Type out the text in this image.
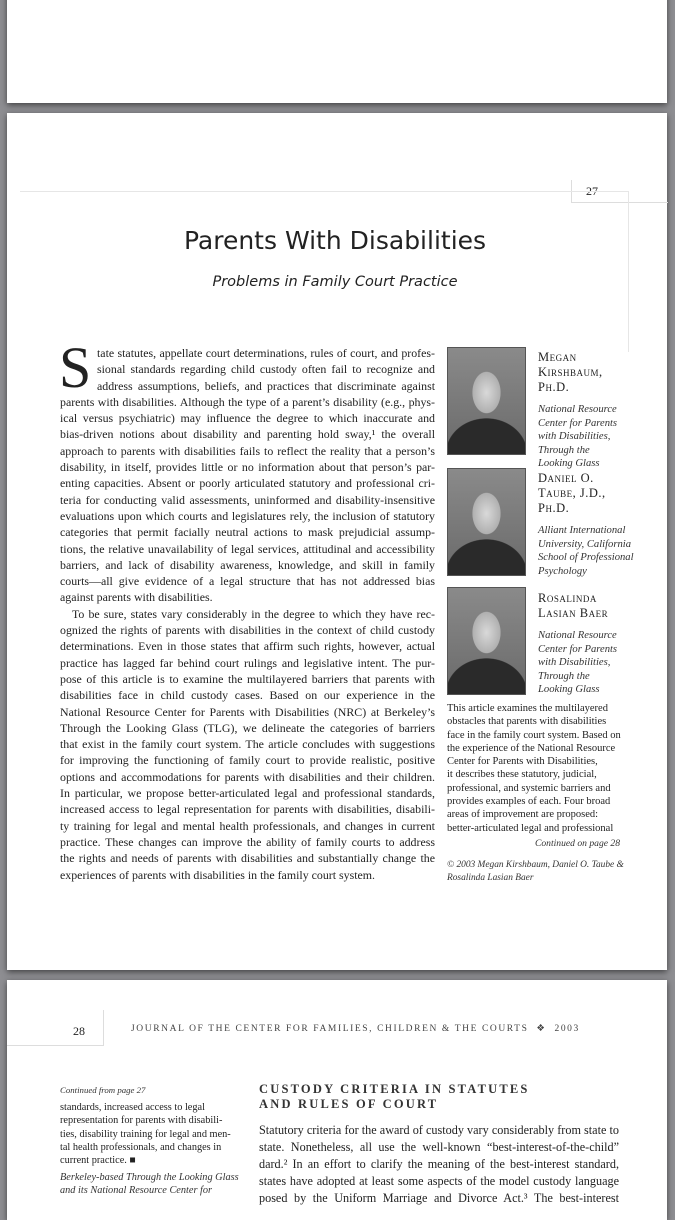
27
Parents With Disabilities
Problems in Family Court Practice
S tate statutes, appellate court determinations, rules of court, and profes-
sional standards regarding child custody often fail to recognize and
address assumptions, beliefs, and practices that discriminate against
parents with disabilities. Although the type of a parent’s disability (e.g., phys-
ical versus psychiatric) may influence the degree to which inaccurate and
bias-driven notions about disability and parenting hold sway,¹ the overall
approach to parents with disabilities fails to reflect the reality that a person’s
disability, in itself, provides little or no information about that person’s par-
enting capacities. Absent or poorly articulated statutory and professional cri-
teria for conducting valid assessments, uninformed and disability-insensitive
evaluations upon which courts and legislatures rely, the inclusion of statutory
categories that permit facially neutral actions to mask prejudicial assump-
tions, the relative unavailability of legal services, attitudinal and accessibility
barriers, and lack of disability awareness, knowledge, and skill in family
courts—all give evidence of a legal structure that has not addressed bias
against parents with disabilities.
To be sure, states vary considerably in the degree to which they have rec-
ognized the rights of parents with disabilities in the context of child custody
determinations. Even in those states that affirm such rights, however, actual
practice has lagged far behind court rulings and legislative intent. The pur-
pose of this article is to examine the multilayered barriers that parents with
disabilities face in child custody cases. Based on our experience in the
National Resource Center for Parents with Disabilities (NRC) at Berkeley’s
Through the Looking Glass (TLG), we delineate the categories of barriers
that exist in the family court system. The article concludes with suggestions
for improving the functioning of family court to provide realistic, positive
options and accommodations for parents with disabilities and their children.
In particular, we propose better-articulated legal and professional standards,
increased access to legal representation for parents with disabilities, disabili-
ty training for legal and mental health professionals, and changes in current
practice. These changes can improve the ability of family courts to address
the rights and needs of parents with disabilities and substantially change the
experiences of parents with disabilities in the family court system.
Megan
Kirshbaum,
Ph.D.
National Resource
Center for Parents
with Disabilities,
Through the
Looking Glass
Daniel O.
Taube, J.D.,
Ph.D.
Alliant International
University, California
School of Professional
Psychology
Rosalinda
Lasian Baer
National Resource
Center for Parents
with Disabilities,
Through the
Looking Glass
This article examines the multilayered
obstacles that parents with disabilities
face in the family court system. Based on
the experience of the National Resource
Center for Parents with Disabilities,
it describes these statutory, judicial,
professional, and systemic barriers and
provides examples of each. Four broad
areas of improvement are proposed:
better-articulated legal and professional
Continued on page 28
© 2003 Megan Kirshbaum, Daniel O. Taube &
Rosalinda Lasian Baer
28	JOURNAL OF THE CENTER FOR FAMILIES, CHILDREN & THE COURTS  ❖  2003
Continued from page 27
standards, increased access to legal
representation for parents with disabili-
ties, disability training for legal and men-
tal health professionals, and changes in
current practice. ■
Berkeley-based Through the Looking Glass
and its National Resource Center for
CUSTODY CRITERIA IN STATUTES
AND RULES OF COURT
Statutory criteria for the award of custody vary considerably from state to
state. Nonetheless, all use the well-known “best-interest-of-the-child”
dard.² In an effort to clarify the meaning of the best-interest standard,
states have adopted at least some aspects of the model custody language
posed by the Uniform Marriage and Divorce Act.³ The best-interest
